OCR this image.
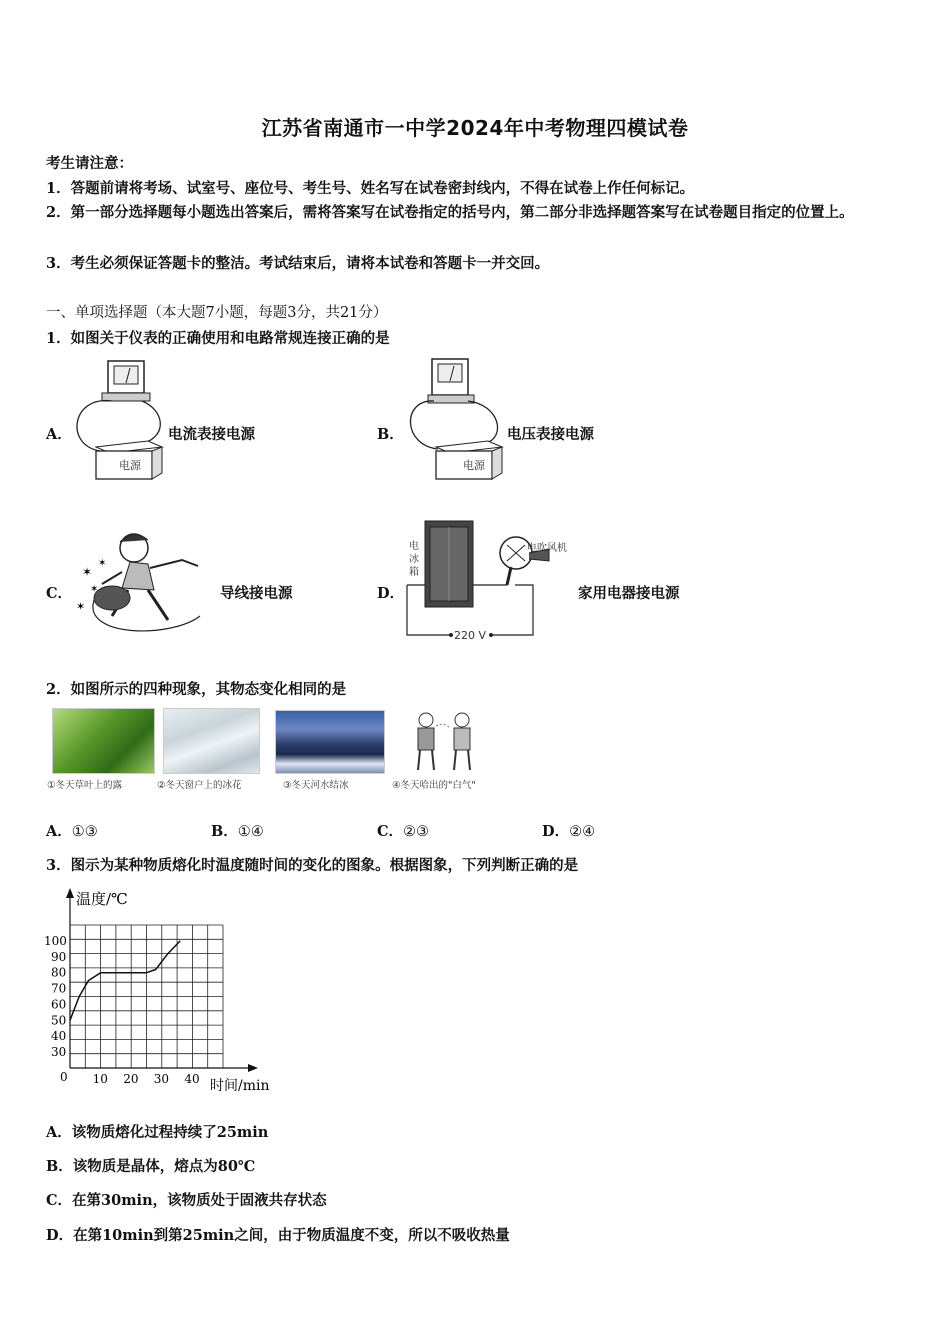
江苏省南通市一中学2024年中考物理四模试卷
考生请注意：
1．答题前请将考场、试室号、座位号、考生号、姓名写在试卷密封线内，不得在试卷上作任何标记。
2．第一部分选择题每小题选出答案后，需将答案写在试卷指定的括号内，第二部分非选择题答案写在试卷题目指定的位置上。
3．考生必须保证答题卡的整洁。考试结束后，请将本试卷和答题卡一并交回。
一、单项选择题（本大题7小题，每题3分，共21分）
1．如图关于仪表的正确使用和电路常规连接正确的是
A．
电源
电流表接电源	B．
电源
电压表接电源
C．
✶
✶
✶
✶
导线接电源	D．
电冰箱
电吹风机
220 V
家用电器接电源
2．如图所示的四种现象，其物态变化相同的是
①冬天草叶上的露	②冬天窗户上的冰花	③冬天河水结冰	④冬天哈出的"白气"
A．①③	B．①④	C．②③	D．②④
3．图示为某种物质熔化时温度随时间的变化的图象。根据图象，下列判断正确的是
温度/℃
时间/min
0 10 20 30 40
30
40
50
60
70
80
90
100
A．该物质熔化过程持续了25min
B．该物质是晶体，熔点为80℃
C．在第30min，该物质处于固液共存状态
D．在第10min到第25min之间，由于物质温度不变，所以不吸收热量
